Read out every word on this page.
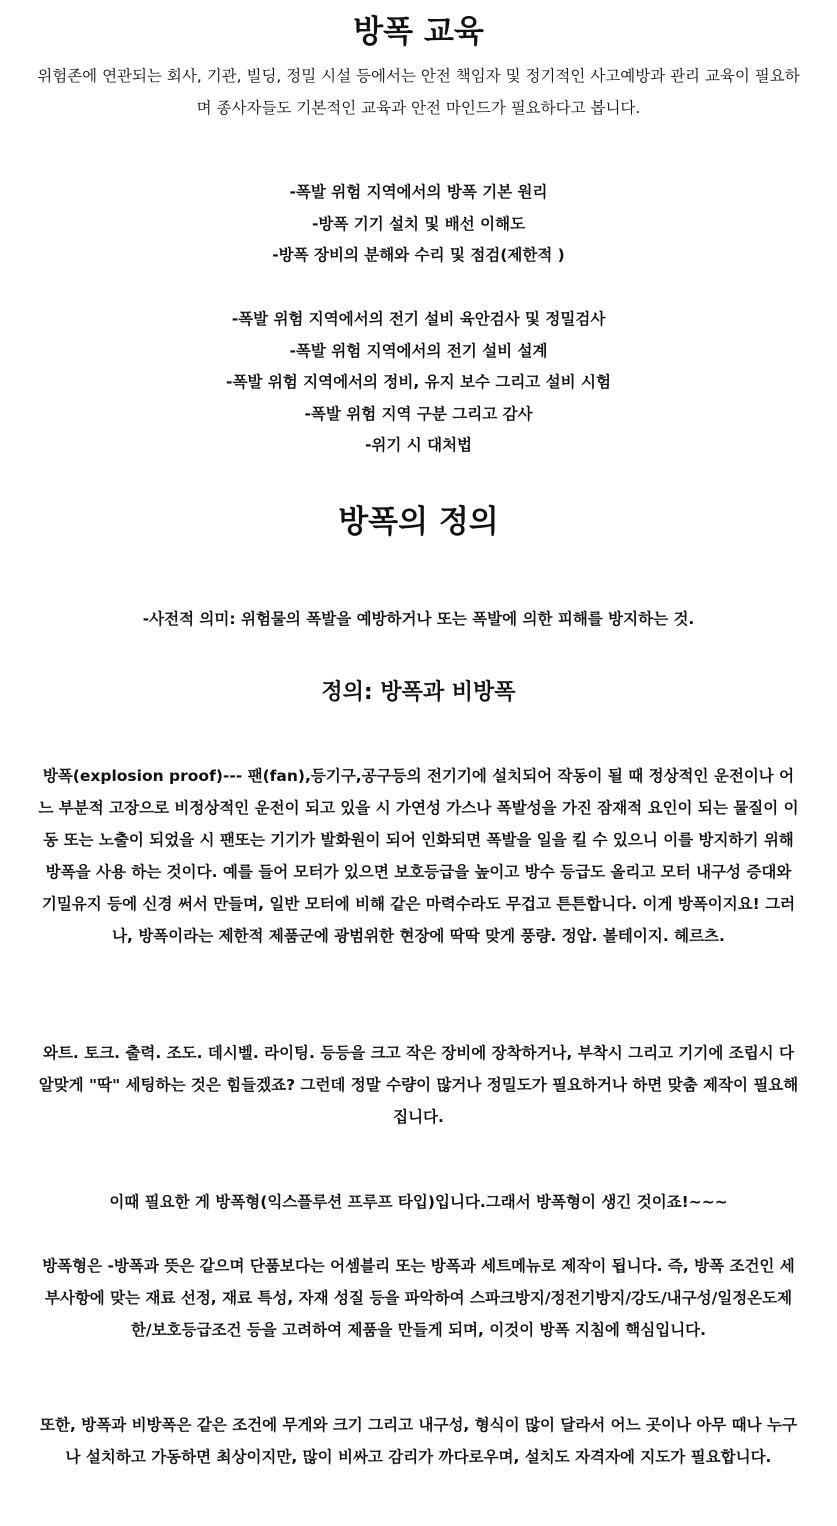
방폭 교육

위험존에 연관되는 회사, 기관, 빌딩, 정밀 시설 등에서는 안전 책임자 및 정기적인 사고예방과 관리 교육이 필요하며 종사자들도 기본적인 교육과 안전 마인드가 필요하다고 봅니다.

-폭발 위험 지역에서의 방폭 기본 원리
-방폭 기기 설치 및 배선 이해도
-방폭 장비의 분해와 수리 및 점검(제한적 )
-폭발 위험 지역에서의 전기 설비 육안검사 및 정밀검사
-폭발 위험 지역에서의 전기 설비 설계
-폭발 위험 지역에서의 정비, 유지 보수 그리고 설비 시험
-폭발 위험 지역 구분 그리고 감사
-위기 시 대처법
방폭의 정의

-사전적 의미: 위험물의 폭발을 예방하거나 또는 폭발에 의한 피해를 방지하는 것.

정의: 방폭과 비방폭

방폭(explosion proof)--- 팬(fan),등기구,공구등의 전기기에 설치되어 작동이 될 때 정상적인 운전이나 어느 부분적 고장으로 비정상적인 운전이 되고 있을 시 가연성 가스나 폭발성을 가진 잠재적 요인이 되는 물질이 이동 또는 노출이 되었을 시 팬또는 기기가 발화원이 되어 인화되면 폭발을 일을 킬 수 있으니 이를 방지하기 위해 방폭을 사용 하는 것이다. 예를 들어 모터가 있으면 보호등급을 높이고 방수 등급도 올리고 모터 내구성 증대와 기밀유지 등에 신경 써서 만들며, 일반 모터에 비해 같은 마력수라도 무겁고 튼튼합니다. 이게 방폭이지요! 그러나, 방폭이라는 제한적 제품군에 광범위한 현장에 딱딱 맞게 풍량. 정압. 볼테이지. 헤르츠.

와트. 토크. 출력. 조도. 데시벨. 라이팅. 등등을 크고 작은 장비에 장착하거나, 부착시 그리고 기기에 조립시 다 알맞게 "딱" 세팅하는 것은 힘들겠죠? 그런데 정말 수량이 많거나 정밀도가 필요하거나 하면 맞춤 제작이 필요해집니다.

이때 필요한 게 방폭형(익스플루션 프루프 타입)입니다.그래서 방폭형이 생긴 것이죠!~~~

방폭형은 -방폭과 뜻은 같으며 단품보다는 어셈블리 또는 방폭과 세트메뉴로 제작이 됩니다. 즉, 방폭 조건인 세부사항에 맞는 재료 선정, 재료 특성, 자재 성질 등을 파악하여 스파크방지/정전기방지/강도/내구성/일정온도제한/보호등급조건 등을 고려하여 제품을 만들게 되며, 이것이 방폭 지침에 핵심입니다.

또한, 방폭과 비방폭은 같은 조건에 무게와 크기 그리고 내구성, 형식이 많이 달라서 어느 곳이나 아무 때나 누구나 설치하고 가동하면 최상이지만, 많이 비싸고 감리가 까다로우며, 설치도 자격자에 지도가 필요합니다.
